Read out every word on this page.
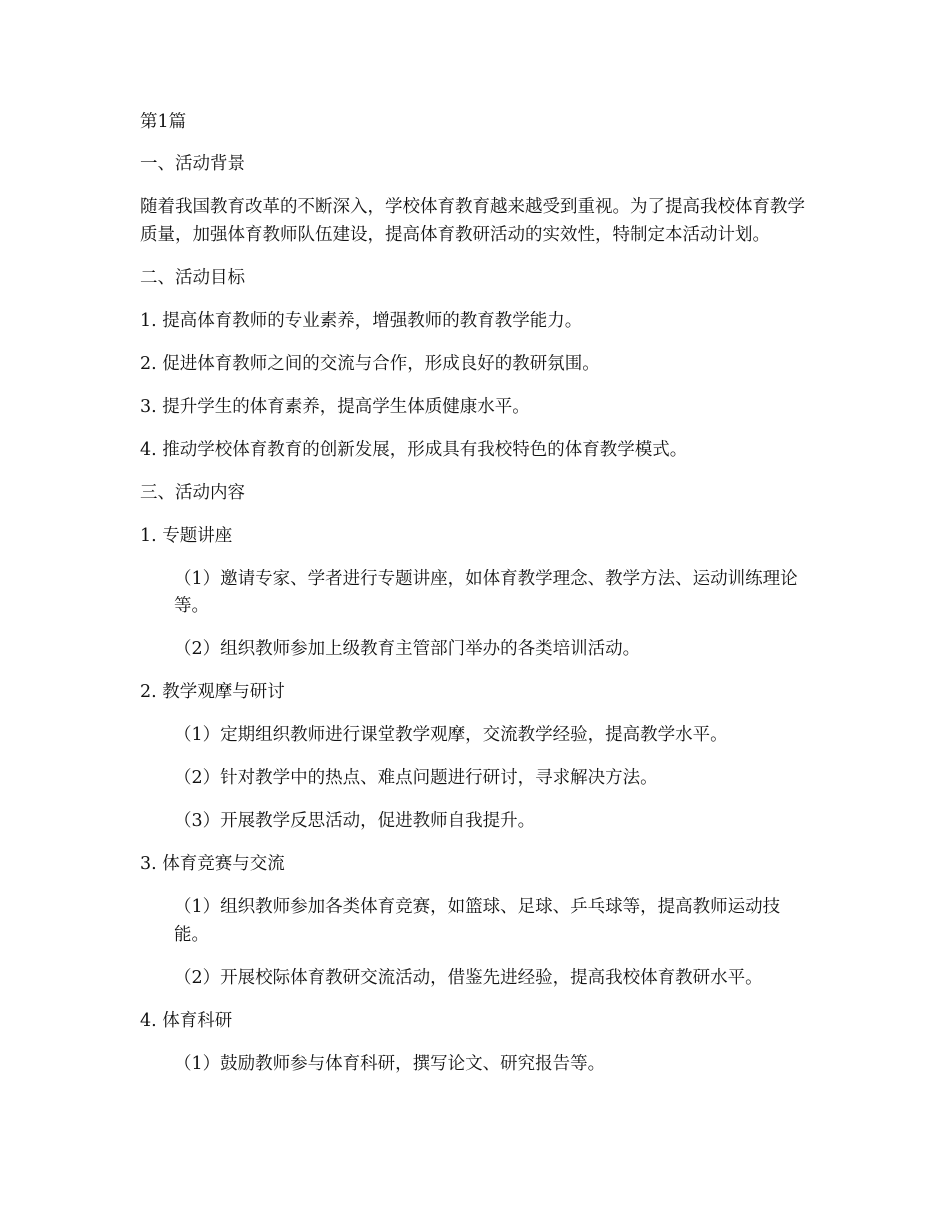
第1篇

一、活动背景

随着我国教育改革的不断深入，学校体育教育越来越受到重视。为了提高我校体育教学质量，加强体育教师队伍建设，提高体育教研活动的实效性，特制定本活动计划。

二、活动目标

1. 提高体育教师的专业素养，增强教师的教育教学能力。

2. 促进体育教师之间的交流与合作，形成良好的教研氛围。

3. 提升学生的体育素养，提高学生体质健康水平。

4. 推动学校体育教育的创新发展，形成具有我校特色的体育教学模式。

三、活动内容

1. 专题讲座

（1）邀请专家、学者进行专题讲座，如体育教学理念、教学方法、运动训练理论等。

（2）组织教师参加上级教育主管部门举办的各类培训活动。

2. 教学观摩与研讨

（1）定期组织教师进行课堂教学观摩，交流教学经验，提高教学水平。

（2）针对教学中的热点、难点问题进行研讨，寻求解决方法。

（3）开展教学反思活动，促进教师自我提升。

3. 体育竞赛与交流

（1）组织教师参加各类体育竞赛，如篮球、足球、乒乓球等，提高教师运动技能。

（2）开展校际体育教研交流活动，借鉴先进经验，提高我校体育教研水平。

4. 体育科研

（1）鼓励教师参与体育科研，撰写论文、研究报告等。
